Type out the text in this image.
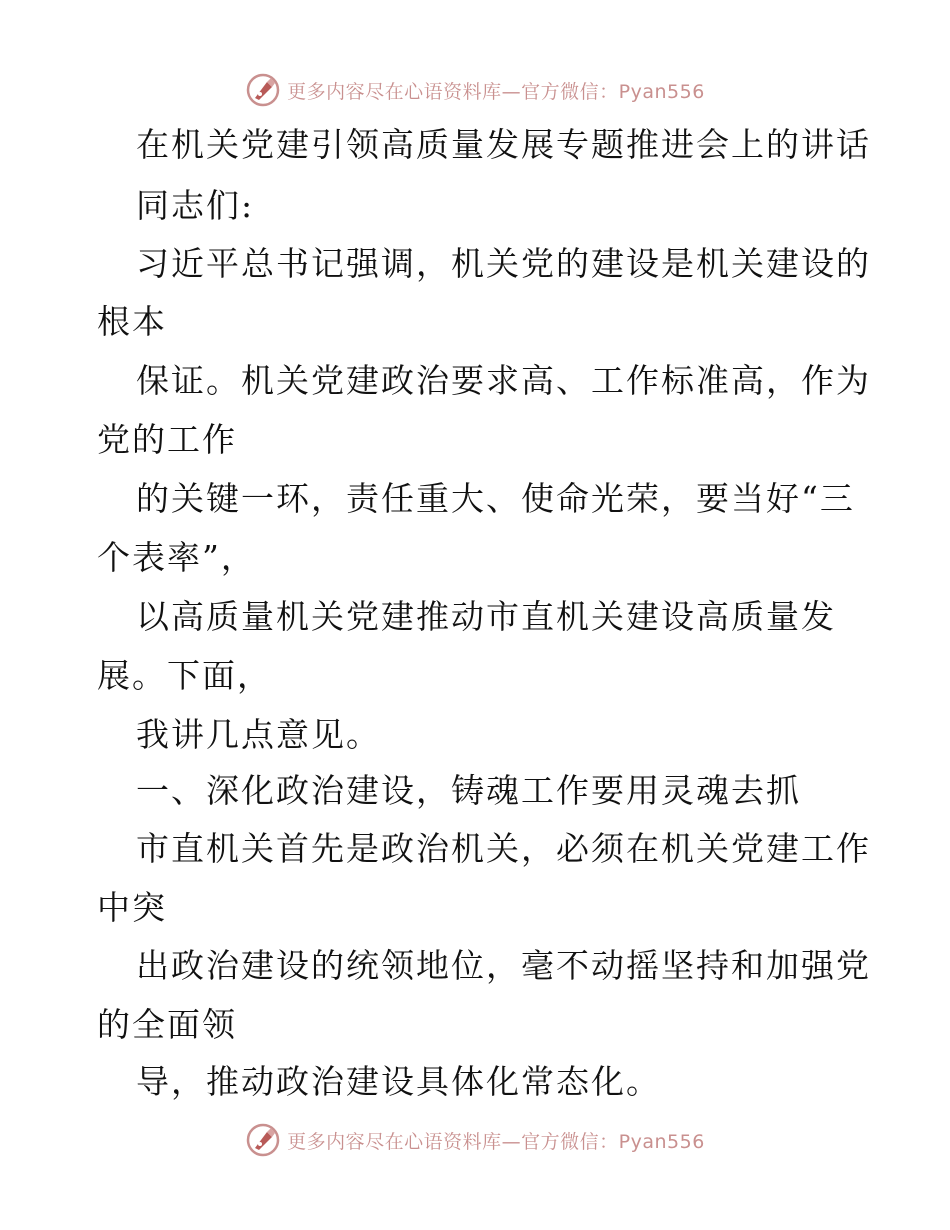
更多内容尽在心语资料库—官方微信：Pyan556
在机关党建引领高质量发展专题推进会上的讲话
同志们:
习近平总书记强调，机关党的建设是机关建设的
根本
保证。机关党建政治要求高、工作标准高，作为
党的工作
的关键一环，责任重大、使命光荣，要当好“三
个表率”，
以高质量机关党建推动市直机关建设高质量发
展。下面，
我讲几点意见。
一、深化政治建设，铸魂工作要用灵魂去抓
市直机关首先是政治机关，必须在机关党建工作
中突
出政治建设的统领地位，毫不动摇坚持和加强党
的全面领
导，推动政治建设具体化常态化。
更多内容尽在心语资料库—官方微信：Pyan556
